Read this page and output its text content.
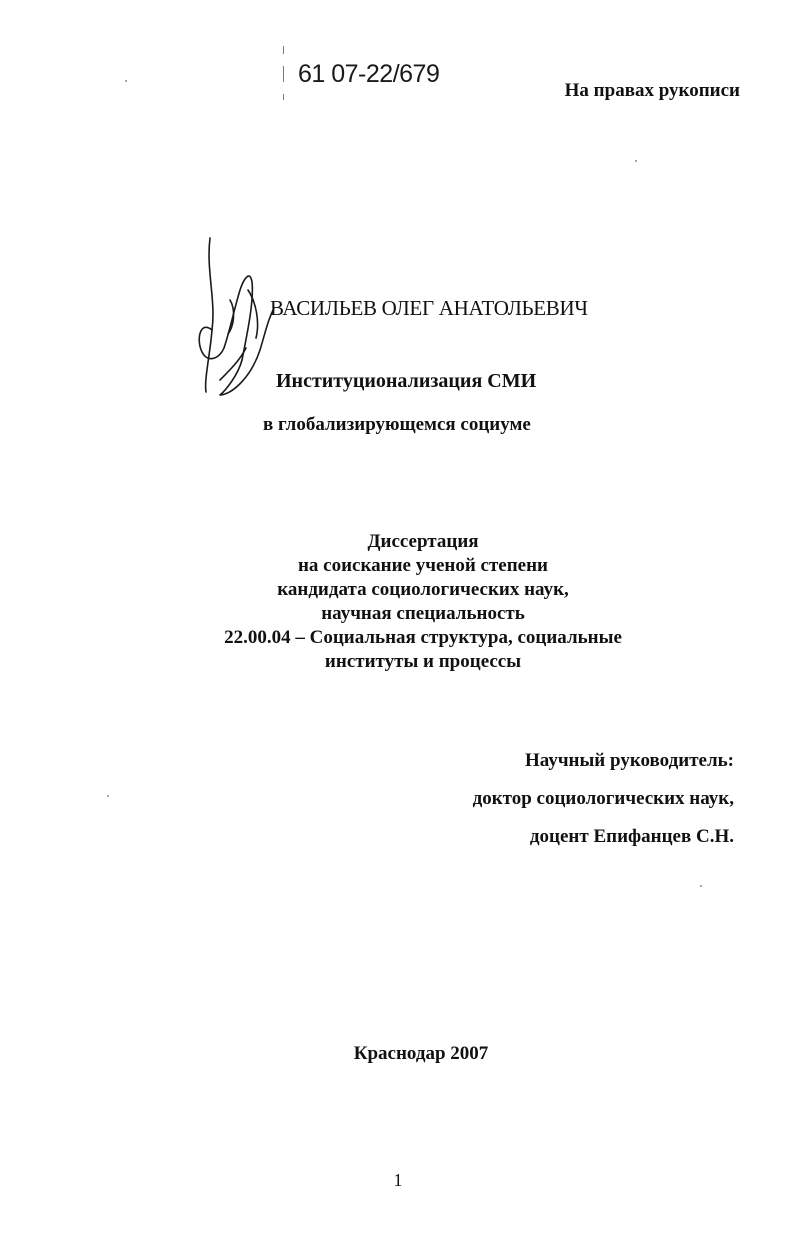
61 07-22/679
На правах рукописи
ВАСИЛЬЕВ ОЛЕГ АНАТОЛЬЕВИЧ
Институционализация СМИ
в глобализирующемся социуме
Диссертация
на соискание ученой степени
кандидата социологических наук,
научная специальность
22.00.04 – Социальная структура, социальные
институты и процессы
Научный руководитель:
доктор социологических наук,
доцент Епифанцев С.Н.
Краснодар 2007
1
